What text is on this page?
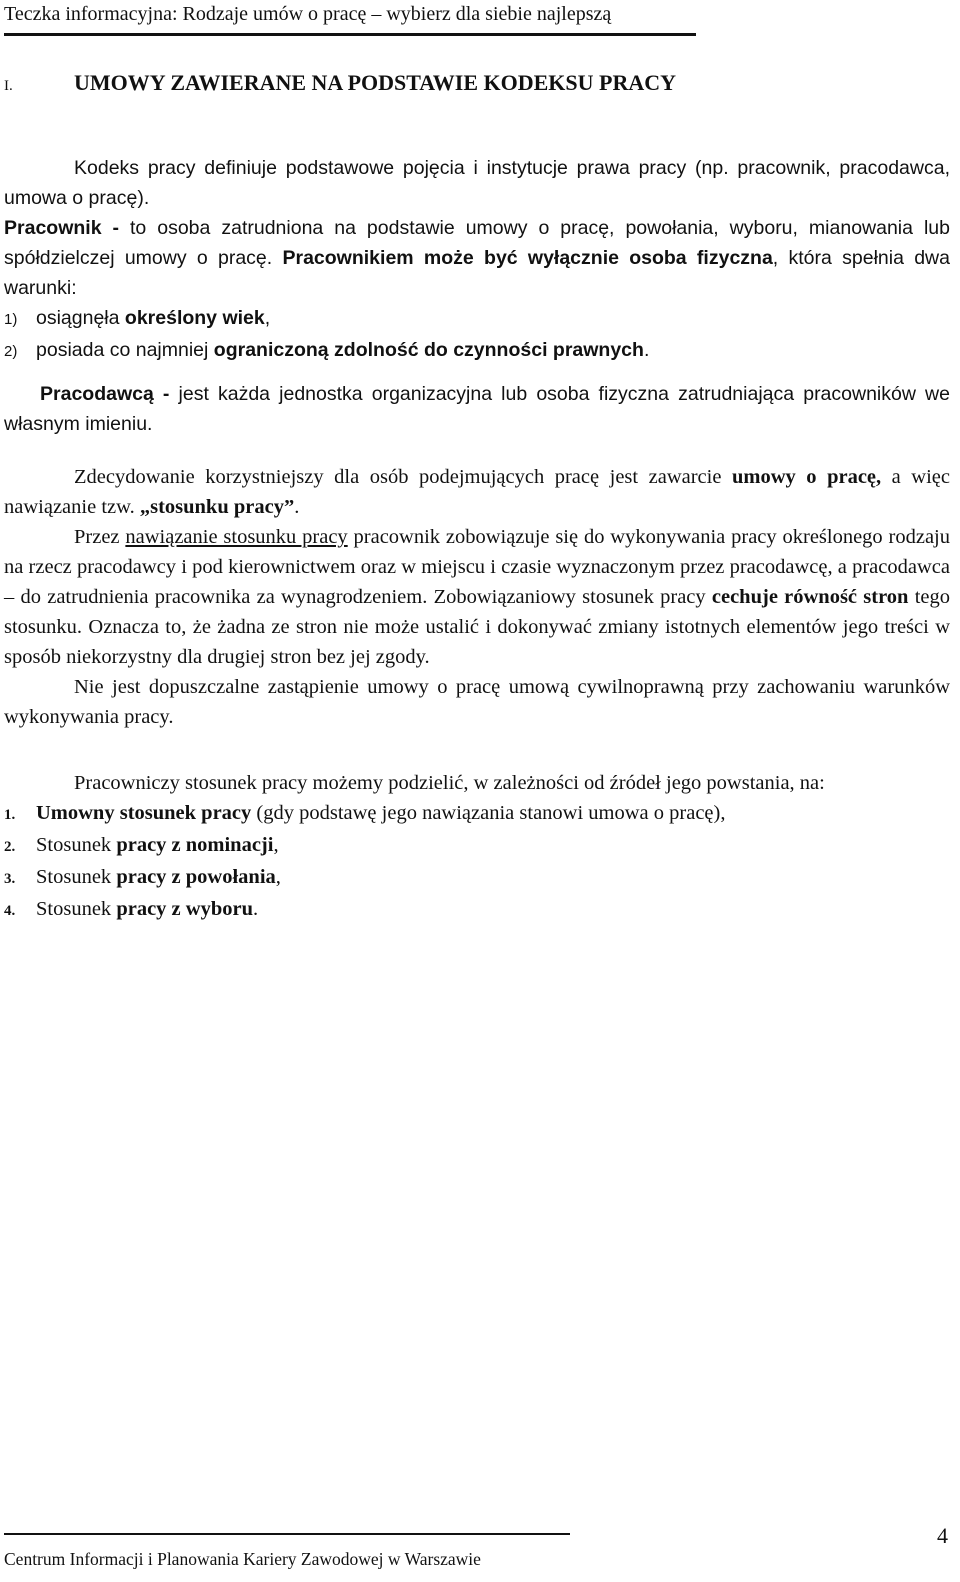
Teczka informacyjna: Rodzaje umów o pracę – wybierz dla siebie najlepszą
I.	UMOWY ZAWIERANE NA PODSTAWIE KODEKSU PRACY

Kodeks pracy definiuje podstawowe pojęcia i instytucje prawa pracy (np. pracownik, pracodawca, umowa o pracę).

Pracownik - to osoba zatrudniona na podstawie umowy o pracę, powołania, wyboru, mianowania lub spółdzielczej umowy o pracę. Pracownikiem może być wyłącznie osoba fizyczna, która spełnia dwa warunki:

1) osiągnęła określony wiek,

2) posiada co najmniej ograniczoną zdolność do czynności prawnych.

Pracodawcą - jest każda jednostka organizacyjna lub osoba fizyczna zatrudniająca pracowników we własnym imieniu.

Zdecydowanie korzystniejszy dla osób podejmujących pracę jest zawarcie umowy o pracę, a więc nawiązanie tzw. „stosunku pracy”.

Przez nawiązanie stosunku pracy pracownik zobowiązuje się do wykonywania pracy określonego rodzaju na rzecz pracodawcy i pod kierownictwem oraz w miejscu i czasie wyznaczonym przez pracodawcę, a pracodawca – do zatrudnienia pracownika za wynagrodzeniem. Zobowiązaniowy stosunek pracy cechuje równość stron tego stosunku. Oznacza to, że żadna ze stron nie może ustalić i dokonywać zmiany istotnych elementów jego treści w sposób niekorzystny dla drugiej stron bez jej zgody.

Nie jest dopuszczalne zastąpienie umowy o pracę umową cywilnoprawną przy zachowaniu warunków wykonywania pracy.

Pracowniczy stosunek pracy możemy podzielić, w zależności od źródeł jego powstania, na:

1. Umowny stosunek pracy (gdy podstawę jego nawiązania stanowi umowa o pracę),

2. Stosunek pracy z nominacji,

3. Stosunek pracy z powołania,

4. Stosunek pracy z wyboru.

Centrum Informacji i Planowania Kariery Zawodowej w Warszawie
4
